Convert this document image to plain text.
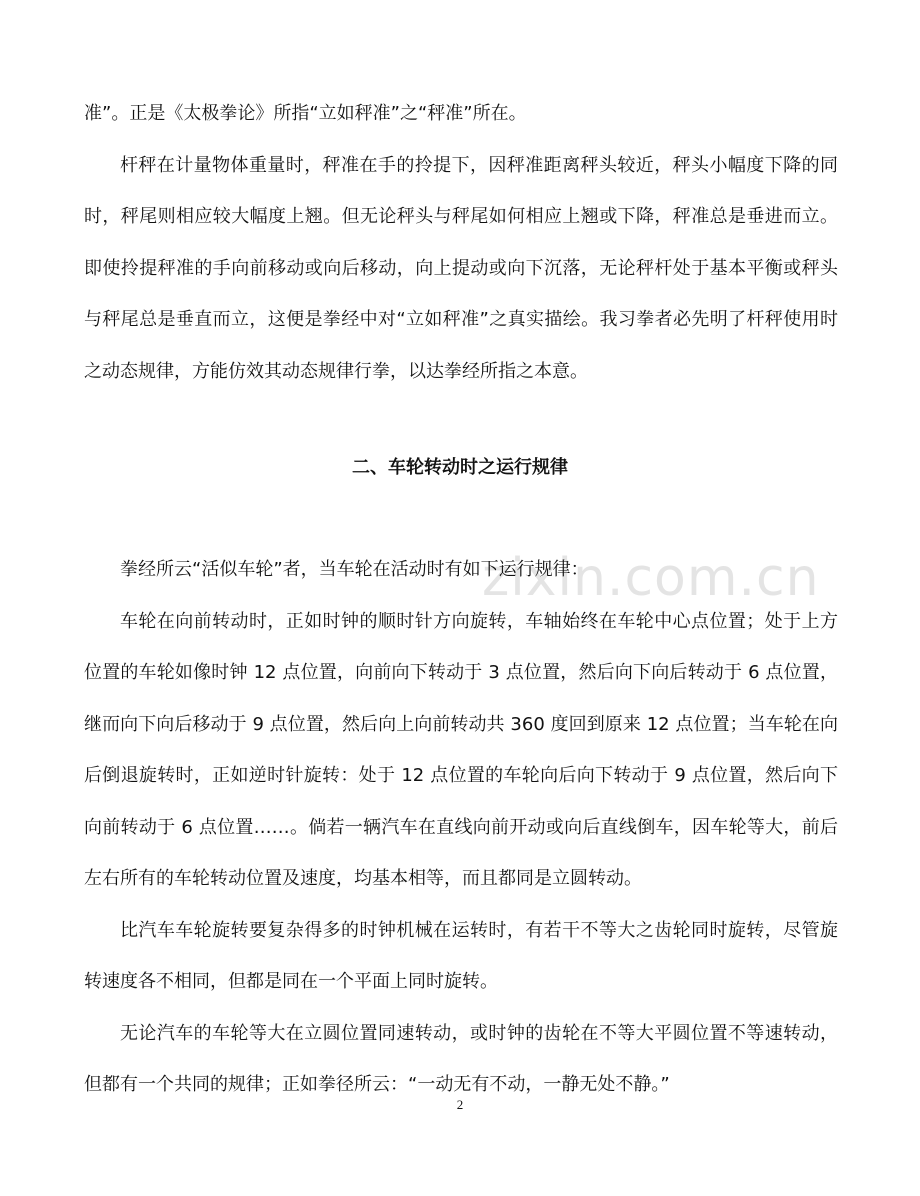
zixin.com.cn

准”。正是《太极拳论》所指“立如秤准”之“秤准”所在。

杆秤在计量物体重量时，秤准在手的拎提下，因秤准距离秤头较近，秤头小幅度下降的同时，秤尾则相应较大幅度上翘。但无论秤头与秤尾如何相应上翘或下降，秤准总是垂进而立。即使拎提秤准的手向前移动或向后移动，向上提动或向下沉落，无论秤杆处于基本平衡或秤头与秤尾总是垂直而立，这便是拳经中对“立如秤准”之真实描绘。我习拳者必先明了杆秤使用时之动态规律，方能仿效其动态规律行拳，以达拳经所指之本意。

二、车轮转动时之运行规律

拳经所云“活似车轮”者，当车轮在活动时有如下运行规律：

车轮在向前转动时，正如时钟的顺时针方向旋转，车轴始终在车轮中心点位置；处于上方位置的车轮如像时钟 12 点位置，向前向下转动于 3 点位置，然后向下向后转动于 6 点位置，继而向下向后移动于 9 点位置，然后向上向前转动共 360 度回到原来 12 点位置；当车轮在向后倒退旋转时，正如逆时针旋转：处于 12 点位置的车轮向后向下转动于 9 点位置，然后向下向前转动于 6 点位置……。倘若一辆汽车在直线向前开动或向后直线倒车，因车轮等大，前后左右所有的车轮转动位置及速度，均基本相等，而且都同是立圆转动。

比汽车车轮旋转要复杂得多的时钟机械在运转时，有若干不等大之齿轮同时旋转，尽管旋转速度各不相同，但都是同在一个平面上同时旋转。

无论汽车的车轮等大在立圆位置同速转动，或时钟的齿轮在不等大平圆位置不等速转动，但都有一个共同的规律；正如拳径所云：“一动无有不动，一静无处不静。”

2
